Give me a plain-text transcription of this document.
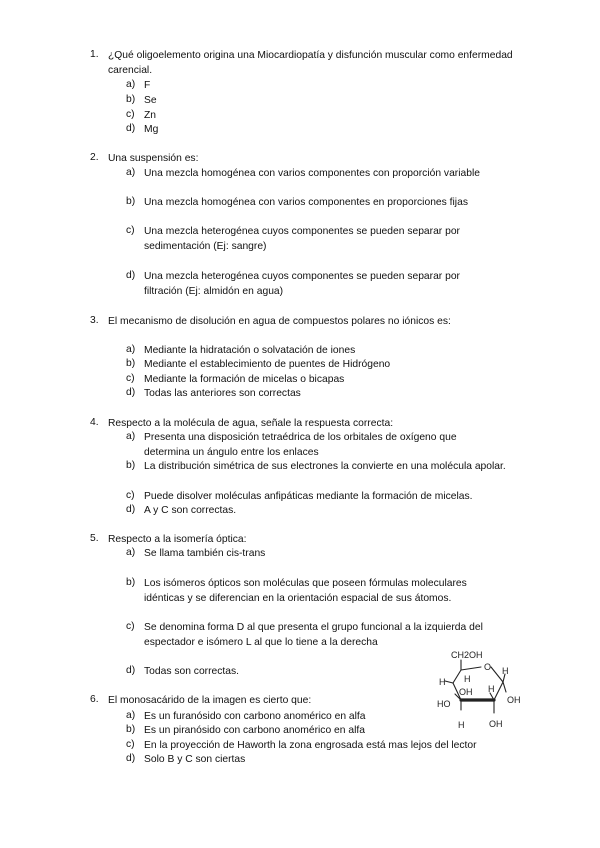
1. ¿Qué oligoelemento origina una Miocardiopatía y disfunción muscular como enfermedad carencial.
a) F
b) Se
c) Zn
d) Mg
2. Una suspensión es:
a) Una mezcla homogénea con varios componentes con proporción variable
b) Una mezcla homogénea con varios componentes en proporciones fijas
c) Una mezcla heterogénea cuyos componentes se pueden separar por sedimentación (Ej: sangre)
d) Una mezcla heterogénea cuyos componentes se pueden separar por filtración (Ej: almidón en agua)
3. El mecanismo de disolución en agua de compuestos polares no iónicos es:
a) Mediante la hidratación o solvatación de iones
b) Mediante el establecimiento de puentes de Hidrógeno
c) Mediante la formación de micelas o bicapas
d) Todas las anteriores son correctas
4. Respecto a la molécula de agua, señale la respuesta correcta:
a) Presenta una disposición tetraédrica de los orbitales de oxígeno que determina un ángulo entre los enlaces
b) La distribución simétrica de sus electrones la convierte en una molécula apolar.
c) Puede disolver moléculas anfipáticas mediante la formación de micelas.
d) A y C son correctas.
5. Respecto a la isomería óptica:
a) Se llama también cis-trans
b) Los isómeros ópticos son moléculas que poseen fórmulas moleculares idénticas y se diferencian en la orientación espacial de sus átomos.
c) Se denomina forma D al que presenta el grupo funcional a la izquierda del espectador e isómero L al que lo tiene a la derecha
d) Todas son correctas.
6. El monosacárido de la imagen es cierto que:
a) Es un furanósido con carbono anomérico en alfa
b) Es un piranósido con carbono anomérico en alfa
c) En la proyección de Haworth la zona engrosada está mas lejos del lector
d) Solo B y C son ciertas
CH2OH
O
H H
H
OH H
OH
HO
H	OH
